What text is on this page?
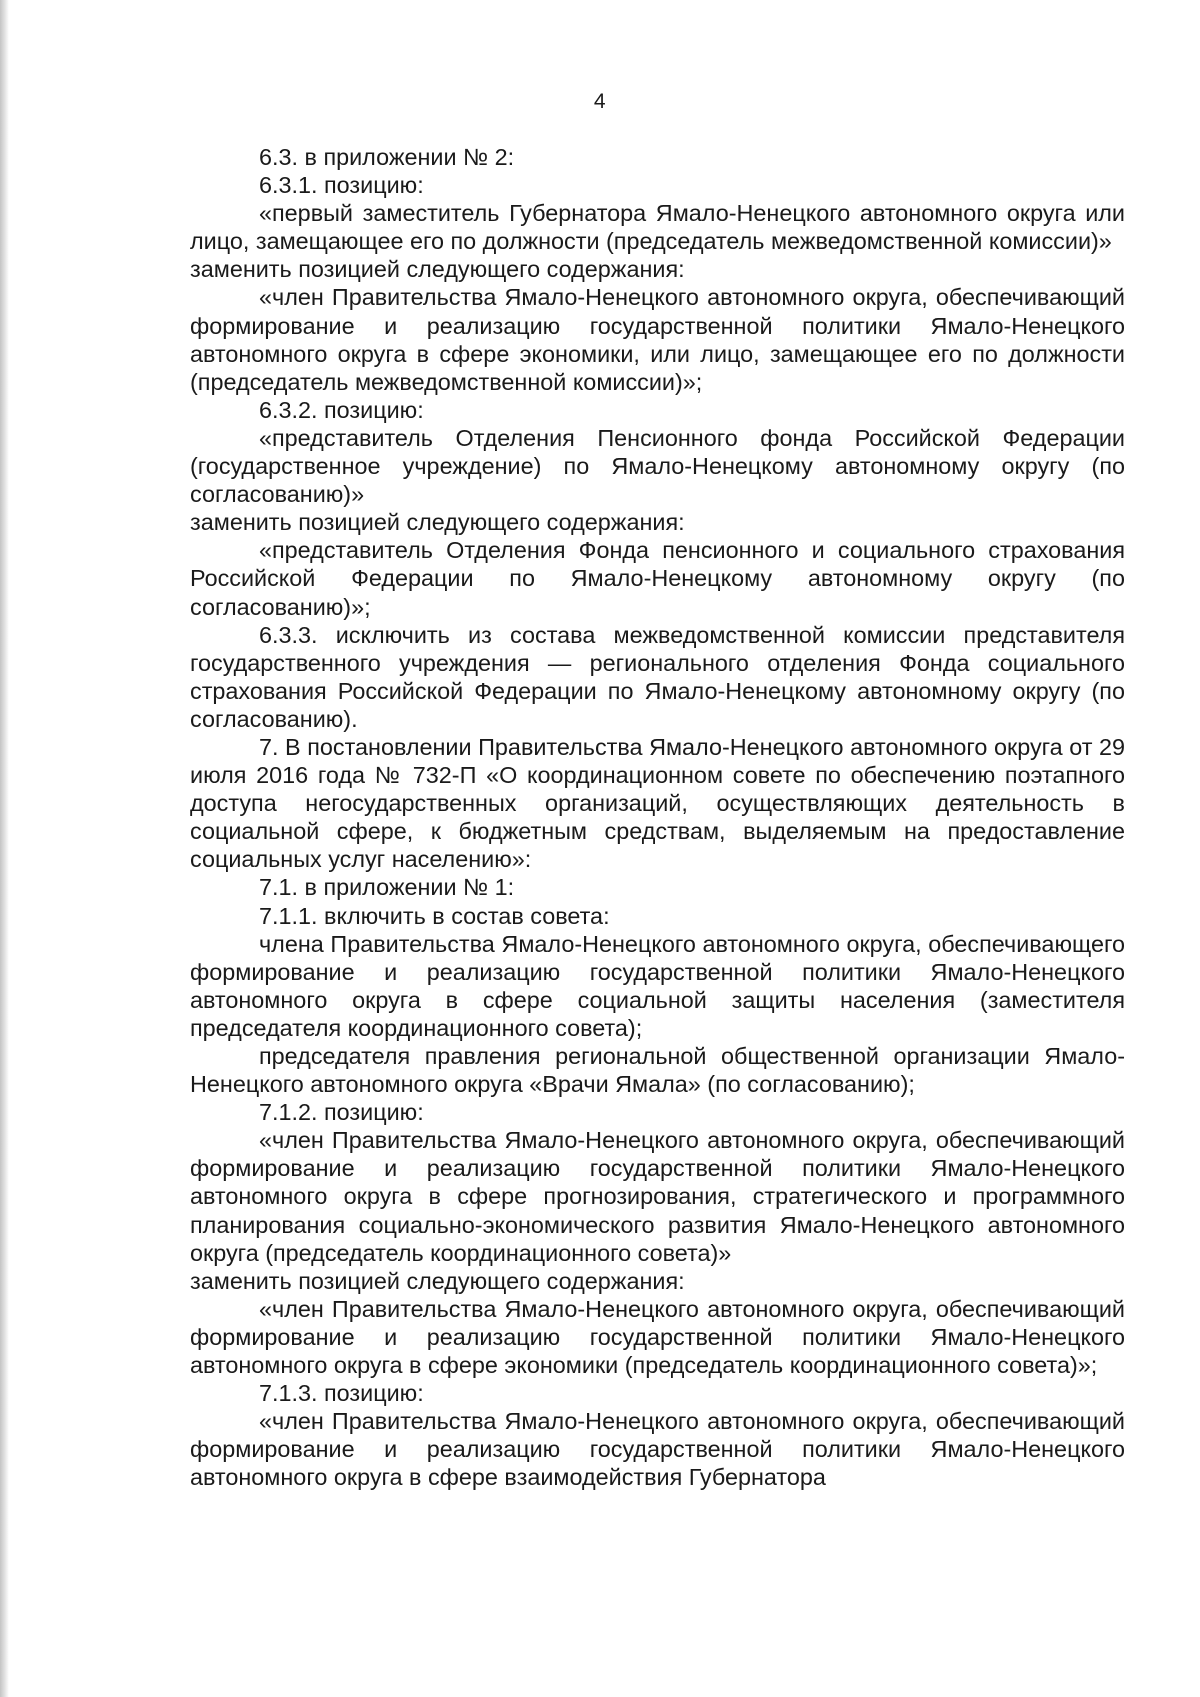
4

6.3. в приложении № 2:

6.3.1. позицию:

«первый заместитель Губернатора Ямало-Ненецкого автономного округа или лицо, замещающее его по должности (председатель межведомственной комиссии)»

заменить позицией следующего содержания:

«член Правительства Ямало-Ненецкого автономного округа, обеспечивающий формирование и реализацию государственной политики Ямало-Ненецкого автономного округа в сфере экономики, или лицо, замещающее его по должности (председатель межведомственной комиссии)»;

6.3.2. позицию:

«представитель Отделения Пенсионного фонда Российской Федерации (государственное учреждение) по Ямало-Ненецкому автономному округу (по согласованию)»

заменить позицией следующего содержания:

«представитель Отделения Фонда пенсионного и социального страхования Российской Федерации по Ямало-Ненецкому автономному округу (по согласованию)»;

6.3.3. исключить из состава межведомственной комиссии представителя государственного учреждения — регионального отделения Фонда социального страхования Российской Федерации по Ямало-Ненецкому автономному округу (по согласованию).

7. В постановлении Правительства Ямало-Ненецкого автономного округа от 29 июля 2016 года № 732-П «О координационном совете по обеспечению поэтапного доступа негосударственных организаций, осуществляющих деятельность в социальной сфере, к бюджетным средствам, выделяемым на предоставление социальных услуг населению»:

7.1. в приложении № 1:

7.1.1. включить в состав совета:

члена Правительства Ямало-Ненецкого автономного округа, обеспечивающего формирование и реализацию государственной политики Ямало-Ненецкого автономного округа в сфере социальной защиты населения (заместителя председателя координационного совета);

председателя правления региональной общественной организации Ямало-Ненецкого автономного округа «Врачи Ямала» (по согласованию);

7.1.2. позицию:

«член Правительства Ямало-Ненецкого автономного округа, обеспечивающий формирование и реализацию государственной политики Ямало-Ненецкого автономного округа в сфере прогнозирования, стратегического и программного планирования социально-экономического развития Ямало-Ненецкого автономного округа (председатель координационного совета)»

заменить позицией следующего содержания:

«член Правительства Ямало-Ненецкого автономного округа, обеспечивающий формирование и реализацию государственной политики Ямало-Ненецкого автономного округа в сфере экономики (председатель координационного совета)»;

7.1.3. позицию:

«член Правительства Ямало-Ненецкого автономного округа, обеспечивающий формирование и реализацию государственной политики Ямало-Ненецкого автономного округа в сфере взаимодействия Губернатора
